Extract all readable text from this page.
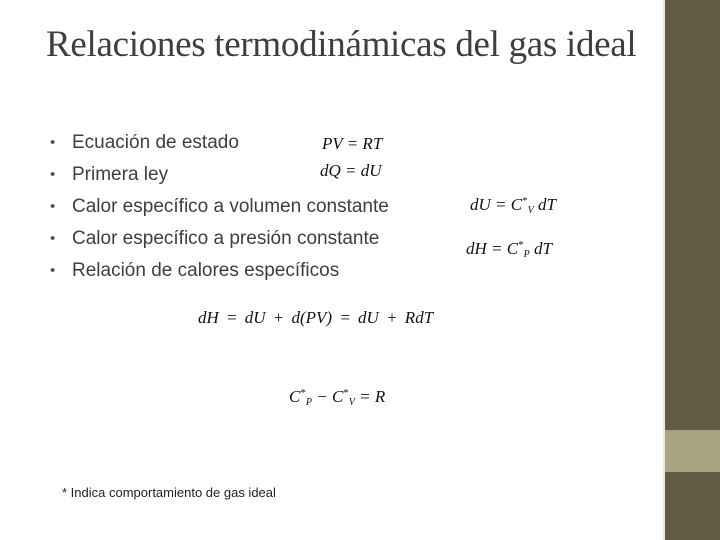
Relaciones termodinámicas del gas ideal
• Ecuación de estado
• Primera ley
• Calor específico a volumen constante
• Calor específico a presión constante
• Relación de calores específicos
PV = RT
dQ = dU
dU = $C^*_V$ dT
dH = $C^*_P$ dT
dH = dU + d(PV) = dU + RdT
$C^*_P - C^*_V = R$
* Indica comportamiento de gas ideal
